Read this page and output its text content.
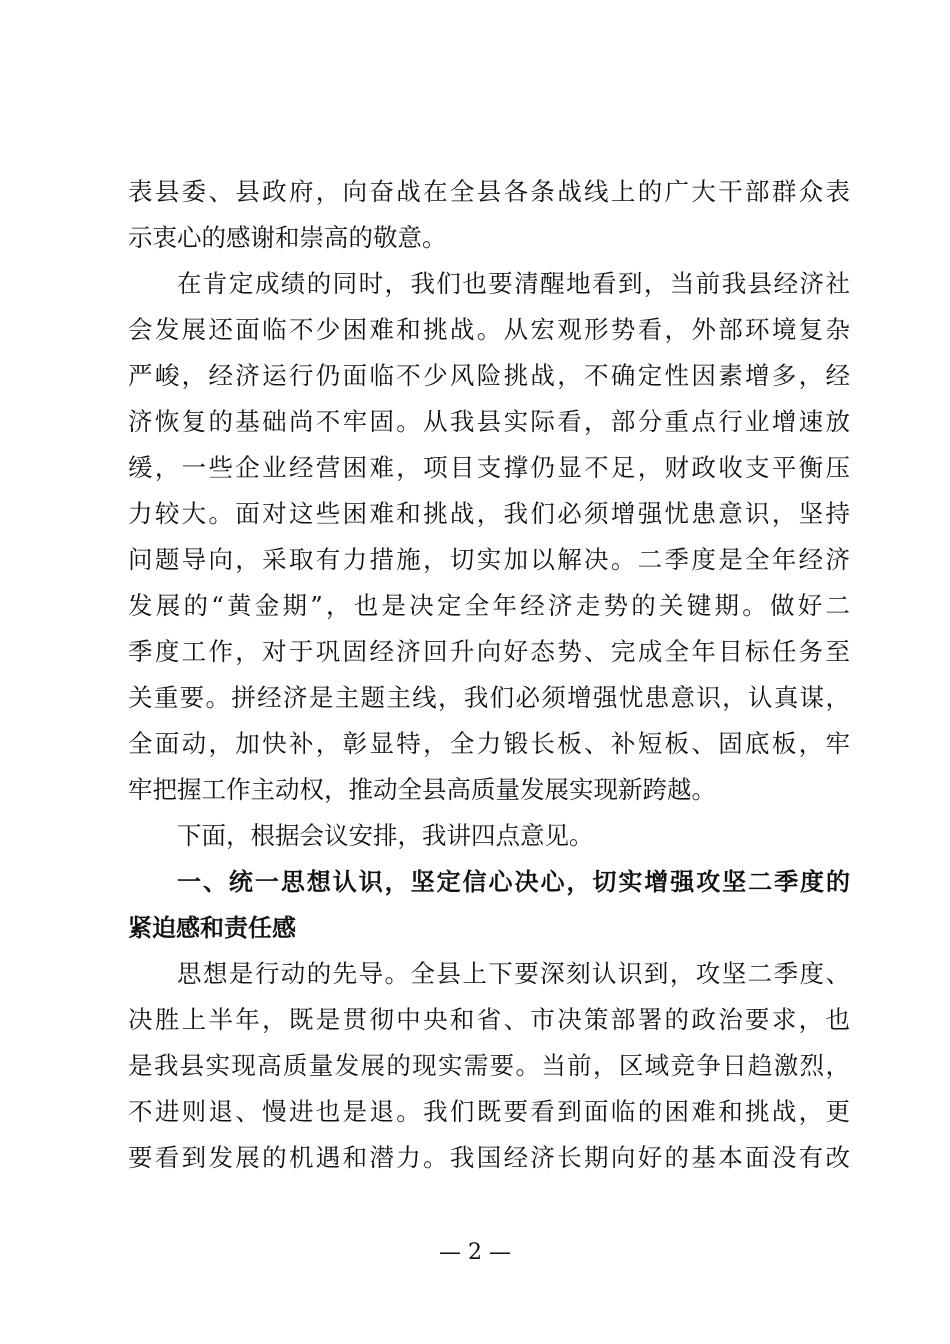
表县委、县政府，向奋战在全县各条战线上的广大干部群众表
示衷心的感谢和崇高的敬意。
在肯定成绩的同时，我们也要清醒地看到，当前我县经济社
会发展还面临不少困难和挑战。从宏观形势看，外部环境复杂
严峻，经济运行仍面临不少风险挑战，不确定性因素增多，经
济恢复的基础尚不牢固。从我县实际看，部分重点行业增速放
缓，一些企业经营困难，项目支撑仍显不足，财政收支平衡压
力较大。面对这些困难和挑战，我们必须增强忧患意识，坚持
问题导向，采取有力措施，切实加以解决。二季度是全年经济
发展的“黄金期”，也是决定全年经济走势的关键期。做好二
季度工作，对于巩固经济回升向好态势、完成全年目标任务至
关重要。拼经济是主题主线，我们必须增强忧患意识，认真谋，
全面动，加快补，彰显特，全力锻长板、补短板、固底板，牢
牢把握工作主动权，推动全县高质量发展实现新跨越。
下面，根据会议安排，我讲四点意见。
一、统一思想认识，坚定信心决心，切实增强攻坚二季度的
紧迫感和责任感
思想是行动的先导。全县上下要深刻认识到，攻坚二季度、
决胜上半年，既是贯彻中央和省、市决策部署的政治要求，也
是我县实现高质量发展的现实需要。当前，区域竞争日趋激烈，
不进则退、慢进也是退。我们既要看到面临的困难和挑战，更
要看到发展的机遇和潜力。我国经济长期向好的基本面没有改
— 2 —
